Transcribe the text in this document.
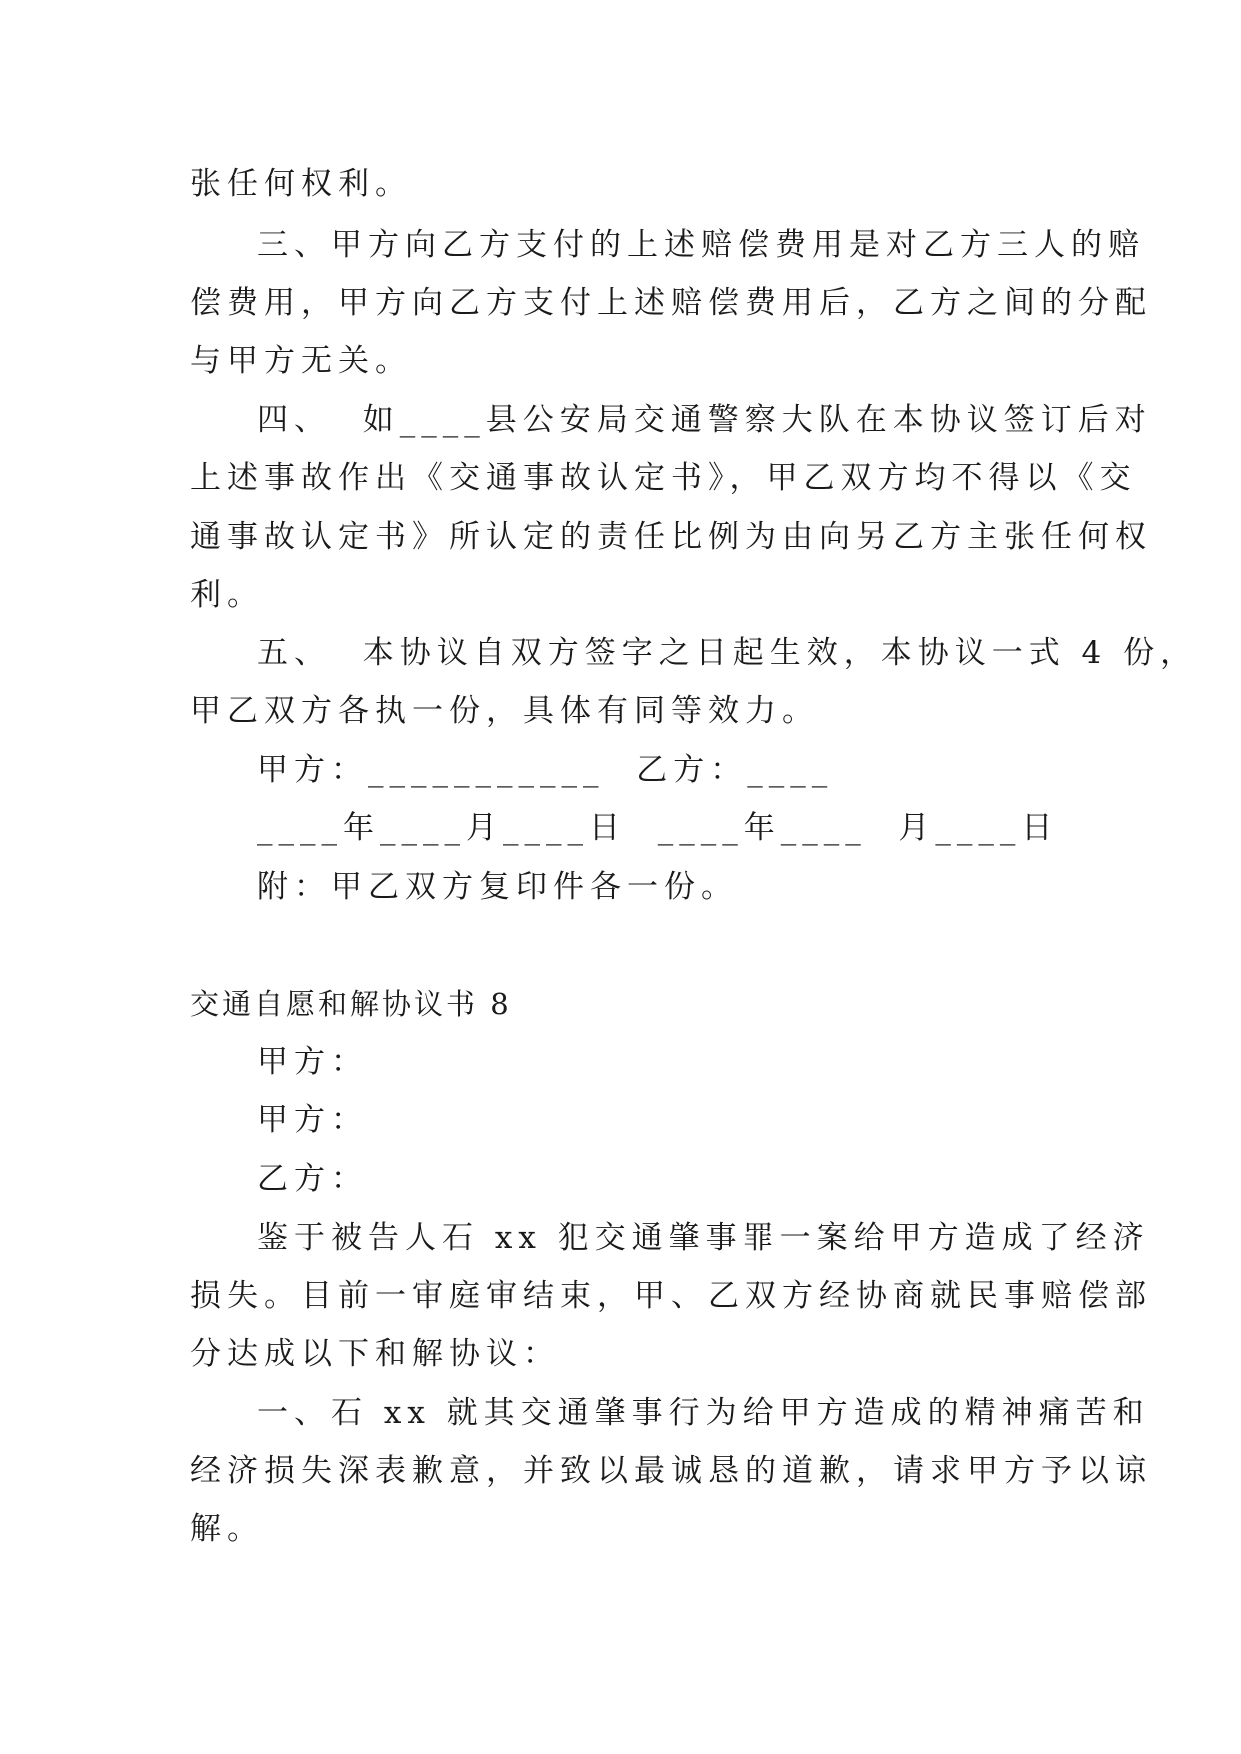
张任何权利。
三、甲方向乙方支付的上述赔偿费用是对乙方三人的赔
偿费用，甲方向乙方支付上述赔偿费用后，乙方之间的分配
与甲方无关。
四、  如____县公安局交通警察大队在本协议签订后对
上述事故作出《交通事故认定书》，甲乙双方均不得以《交
通事故认定书》所认定的责任比例为由向另乙方主张任何权
利。
五、  本协议自双方签字之日起生效，本协议一式 4 份，
甲乙双方各执一份，具体有同等效力。
甲方：___________  乙方：____
____年____月____日  ____年____  月____日
附：甲乙双方复印件各一份。
交通自愿和解协议书 8
甲方：
甲方：
乙方：
鉴于被告人石 xx 犯交通肇事罪一案给甲方造成了经济
损失。目前一审庭审结束，甲、乙双方经协商就民事赔偿部
分达成以下和解协议：
一、石 xx 就其交通肇事行为给甲方造成的精神痛苦和
经济损失深表歉意，并致以最诚恳的道歉，请求甲方予以谅
解。
